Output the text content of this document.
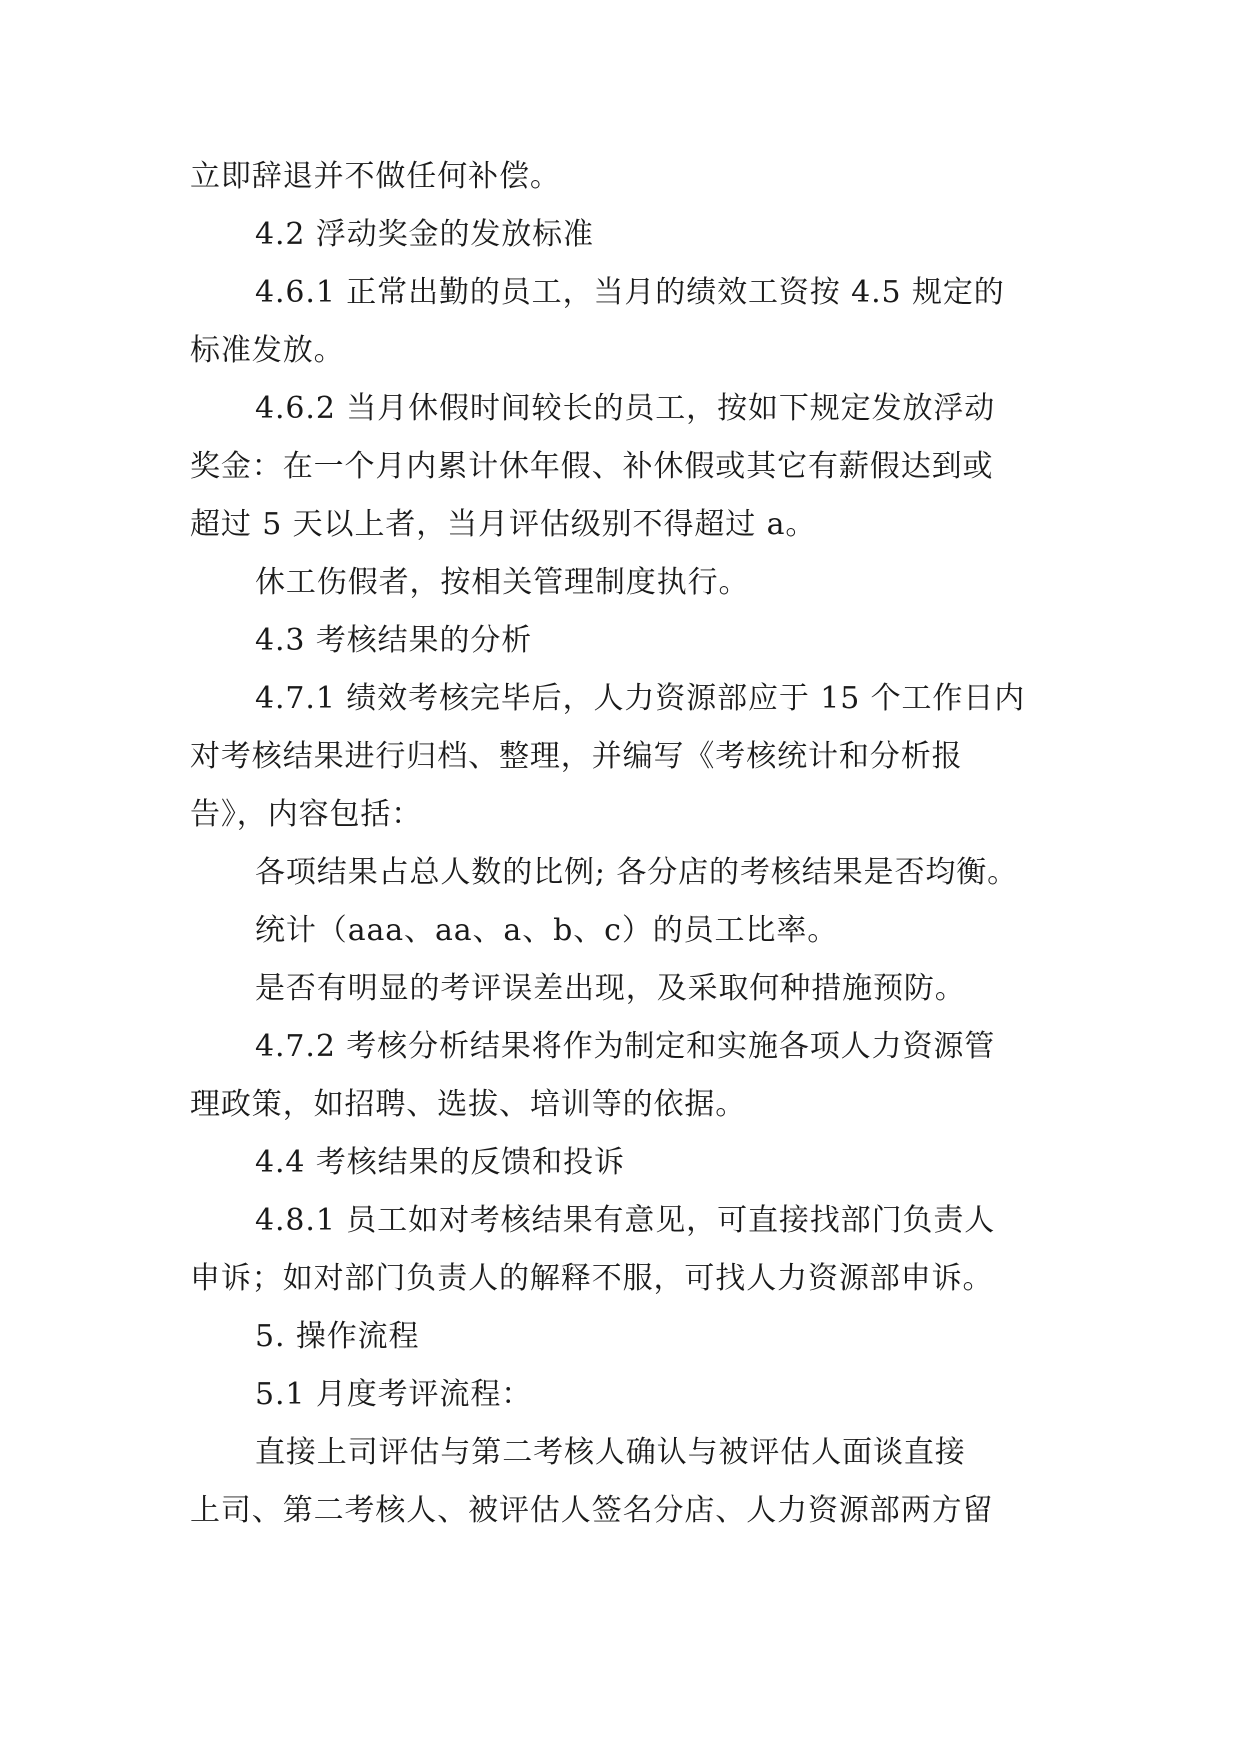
立即辞退并不做任何补偿。
4.2 浮动奖金的发放标准
4.6.1 正常出勤的员工，当月的绩效工资按 4.5 规定的
标准发放。
4.6.2 当月休假时间较长的员工，按如下规定发放浮动
奖金：在一个月内累计休年假、补休假或其它有薪假达到或
超过 5 天以上者，当月评估级别不得超过 a。
休工伤假者，按相关管理制度执行。
4.3 考核结果的分析
4.7.1 绩效考核完毕后，人力资源部应于 15 个工作日内
对考核结果进行归档、整理，并编写《考核统计和分析报
告》，内容包括：
各项结果占总人数的比例; 各分店的考核结果是否均衡。
统计（aaa、aa、a、b、c）的员工比率。
是否有明显的考评误差出现，及采取何种措施预防。
4.7.2 考核分析结果将作为制定和实施各项人力资源管
理政策，如招聘、选拔、培训等的依据。
4.4 考核结果的反馈和投诉
4.8.1 员工如对考核结果有意见，可直接找部门负责人
申诉；如对部门负责人的解释不服，可找人力资源部申诉。
5. 操作流程
5.1 月度考评流程：
直接上司评估与第二考核人确认与被评估人面谈直接
上司、第二考核人、被评估人签名分店、人力资源部两方留
